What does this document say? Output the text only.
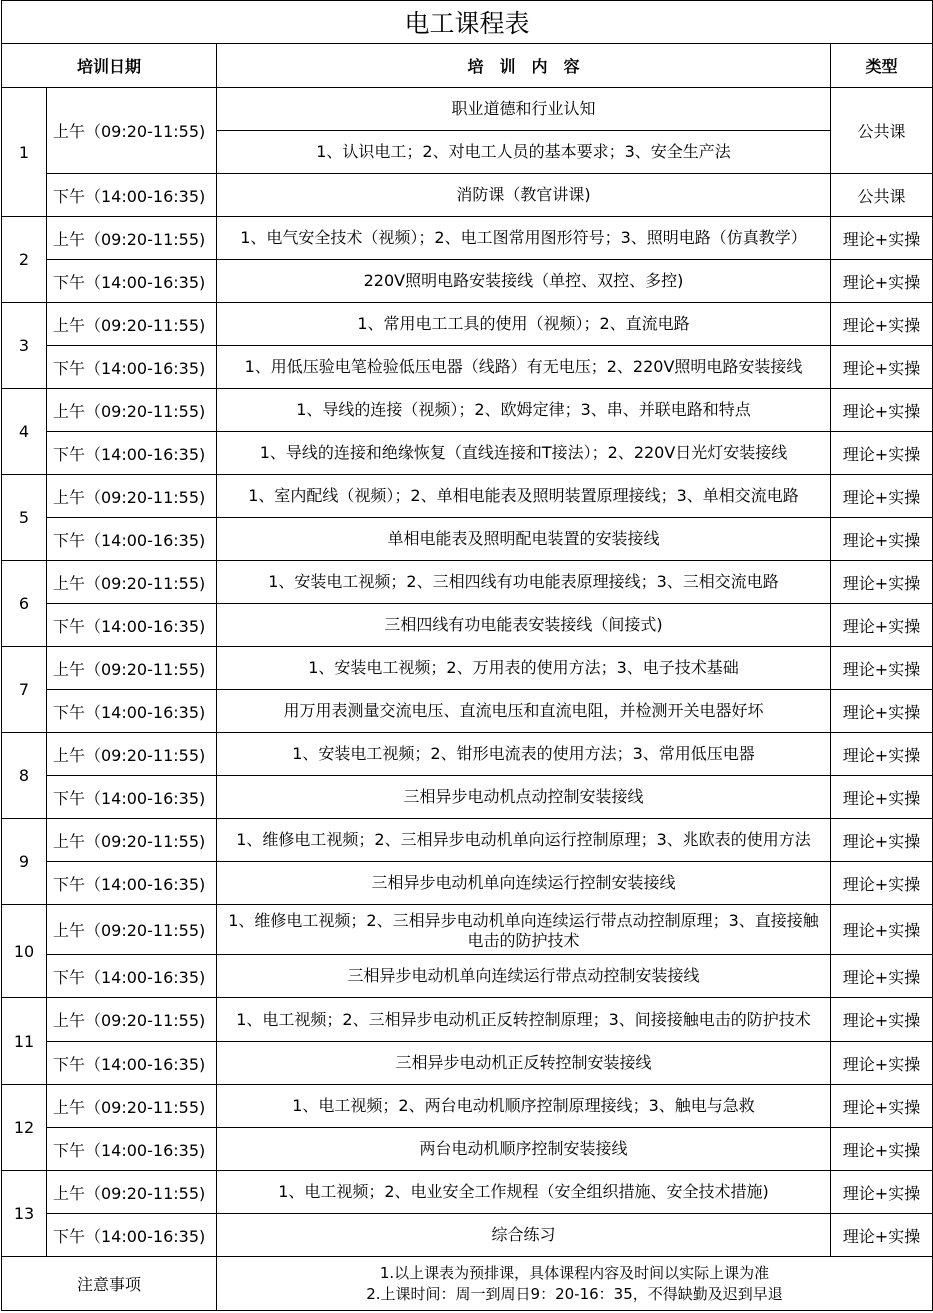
电工课程表			
培训日期		培　训　内　容	类型
1	上午（09:20-11:55)	职业道德和行业认知	公共课
		1、认识电工；2、对电工人员的基本要求；3、安全生产法	
	下午（14:00-16:35)	消防课（教官讲课)	公共课
2	上午（09:20-11:55)	1、电气安全技术（视频）；2、电工图常用图形符号；3、照明电路（仿真教学）	理论+实操
	下午（14:00-16:35)	220V照明电路安装接线（单控、双控、多控)	理论+实操
3	上午（09:20-11:55)	1、常用电工工具的使用（视频）；2、直流电路	理论+实操
	下午（14:00-16:35)	1、用低压验电笔检验低压电器（线路）有无电压；2、220V照明电路安装接线	理论+实操
4	上午（09:20-11:55)	1、导线的连接（视频）；2、欧姆定律；3、串、并联电路和特点	理论+实操
	下午（14:00-16:35)	1、导线的连接和绝缘恢复（直线连接和T接法）；2、220V日光灯安装接线	理论+实操
5	上午（09:20-11:55)	1、室内配线（视频）；2、单相电能表及照明装置原理接线；3、单相交流电路	理论+实操
	下午（14:00-16:35)	单相电能表及照明配电装置的安装接线	理论+实操
6	上午（09:20-11:55)	1、安装电工视频；2、三相四线有功电能表原理接线；3、三相交流电路	理论+实操
	下午（14:00-16:35)	三相四线有功电能表安装接线（间接式)	理论+实操
7	上午（09:20-11:55)	1、安装电工视频；2、万用表的使用方法；3、电子技术基础	理论+实操
	下午（14:00-16:35)	用万用表测量交流电压、直流电压和直流电阻，并检测开关电器好坏	理论+实操
8	上午（09:20-11:55)	1、安装电工视频；2、钳形电流表的使用方法；3、常用低压电器	理论+实操
	下午（14:00-16:35)	三相异步电动机点动控制安装接线	理论+实操
9	上午（09:20-11:55)	1、维修电工视频；2、三相异步电动机单向运行控制原理；3、兆欧表的使用方法	理论+实操
	下午（14:00-16:35)	三相异步电动机单向连续运行控制安装接线	理论+实操
10	上午（09:20-11:55)	1、维修电工视频；2、三相异步电动机单向连续运行带点动控制原理；3、直接接触电击的防护技术	理论+实操
	下午（14:00-16:35)	三相异步电动机单向连续运行带点动控制安装接线	理论+实操
11	上午（09:20-11:55)	1、电工视频；2、三相异步电动机正反转控制原理；3、间接接触电击的防护技术	理论+实操
	下午（14:00-16:35)	三相异步电动机正反转控制安装接线	理论+实操
12	上午（09:20-11:55)	1、电工视频；2、两台电动机顺序控制原理接线；3、触电与急救	理论+实操
	下午（14:00-16:35)	两台电动机顺序控制安装接线	理论+实操
13	上午（09:20-11:55)	1、电工视频；2、电业安全工作规程（安全组织措施、安全技术措施)	理论+实操
	下午（14:00-16:35)	综合练习	理论+实操
注意事项		1.以上课表为预排课，具体课程内容及时间以实际上课为准
2.上课时间：周一到周日9：20-16：35，不得缺勤及迟到早退	
